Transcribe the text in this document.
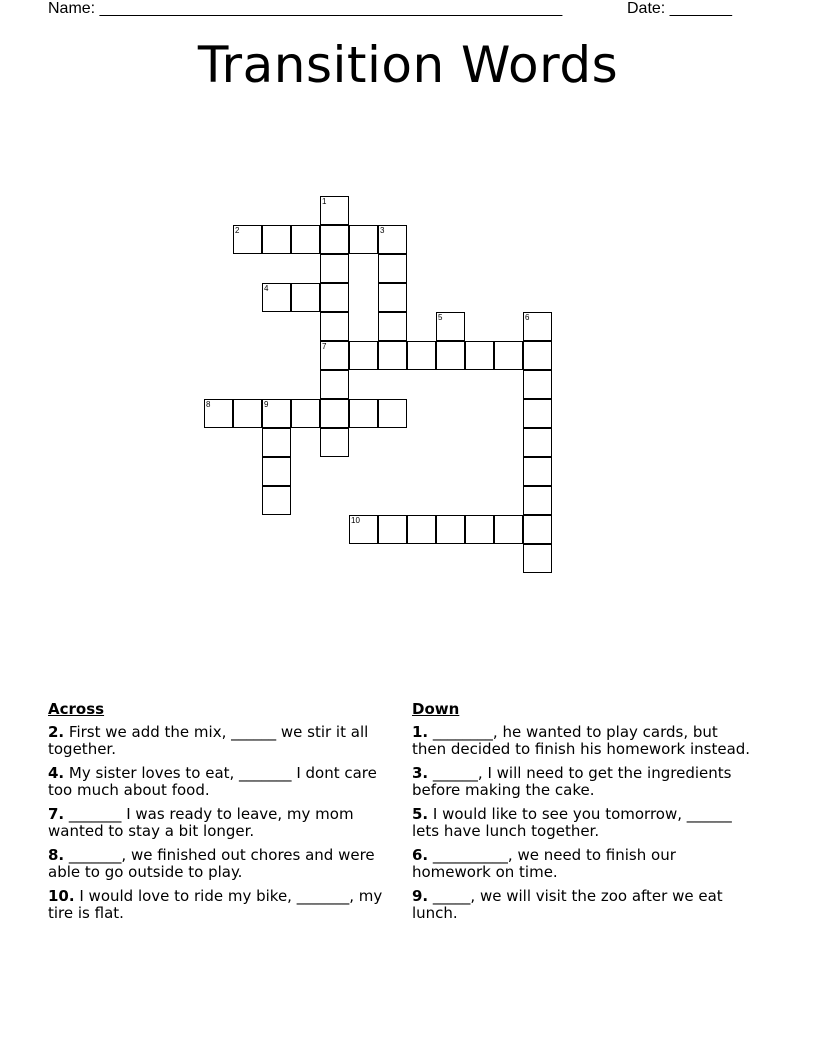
Name: ____________________________________________________	Date: _______
Transition Words
1
7
2	3
4
5	6
8	9
10
Across
2. First we add the mix, ______ we stir it all together.
4. My sister loves to eat, _______ I dont care too much about food.
7. _______ I was ready to leave, my mom wanted to stay a bit longer.
8. _______, we finished out chores and were able to go outside to play.
10. I would love to ride my bike, _______, my tire is flat.
Down
1. ________, he wanted to play cards, but then decided to finish his homework instead.
3. ______, I will need to get the ingredients before making the cake.
5. I would like to see you tomorrow, ______ lets have lunch together.
6. __________, we need to finish our homework on time.
9. _____, we will visit the zoo after we eat lunch.
